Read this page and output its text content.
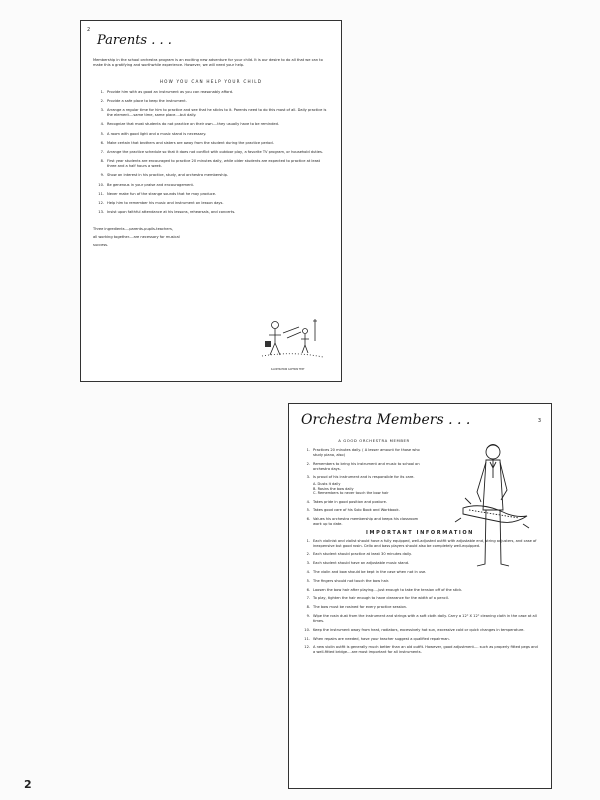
2
Parents . . .
Membership in the school orchestra program is an exciting new adventure for your child. It is our desire to do all that we can to make this a gratifying and worthwhile experience. However, we will need your help.
HOW YOU CAN HELP YOUR CHILD
1. Provide him with as good an instrument as you can reasonably afford.
2. Provide a safe place to keep the instrument.
3. Arrange a regular time for him to practice and see that he sticks to it. Parents need to do this most of all. Daily practice is the element....same time, same place....but daily.
4. Recognize that most students do not practice on their own....they usually have to be reminded.
5. A room with good light and a music stand is necessary.
6. Make certain that brothers and sisters are away from the student during the practice period.
7. Arrange the practice schedule so that it does not conflict with outdoor play, a favorite TV program, or household duties.
8. First year students are encouraged to practice 20 minutes daily, while older students are expected to practice at least three and a half hours a week.
9. Show an interest in his practice, study, and orchestra membership.
10. Be generous in your praise and encouragement.
11. Never make fun of the strange sounds that he may produce.
12. Help him to remember his music and instrument on lesson days.
13. Insist upon faithful attendance at his lessons, rehearsals, and concerts.
Three ingredients....parents-pupils-teachers,
all working together....are necessary for musical
success.
ILLUSTRATION CAPTION TEXT
3
Orchestra Members . . .
A GOOD ORCHESTRA MEMBER
1. Practices 20 minutes daily. ( A lesser amount for those who study piano, also)
2. Remembers to bring his instrument and music to school on orchestra days.
3. Is proud of his instrument and is responsible for its care.
A. Dusts it daily
B. Rosins the bow daily
C. Remembers to never touch the bow hair
4. Takes pride in good position and posture.
5. Takes good care of his Solo Book and Workbook.
6. Values his orchestra membership and keeps his classroom work up to date.
IMPORTANT INFORMATION
1. Each violinist and violist should have a fully equipped, well-adjusted outfit with adjustable end, string adjusters, and case of inexpensive but good rosin. Cello and bass players should also be completely well-equipped.
2. Each student should practice at least 30 minutes daily.
3. Each student should have an adjustable music stand.
4. The violin and bow should be kept in the case when not in use.
5. The fingers should not touch the bow hair.
6. Loosen the bow hair after playing....just enough to take the tension off of the stick.
7. To play, tighten the hair enough to have clearance for the width of a pencil.
8. The bow must be rosined for every practice session.
9. Wipe the rosin dust from the instrument and strings with a soft cloth daily. Carry a 12" X 12" cleaning cloth in the case at all times.
10. Keep the instrument away from heat, radiators, excessively hot sun, excessive cold or quick changes in temperature.
11. When repairs are needed, have your teacher suggest a qualified repairman.
12. A new violin outfit is generally much better than an old outfit. However, good adjustment.... such as properly fitted pegs and a well-fitted bridge....are most important for all instruments.
2
